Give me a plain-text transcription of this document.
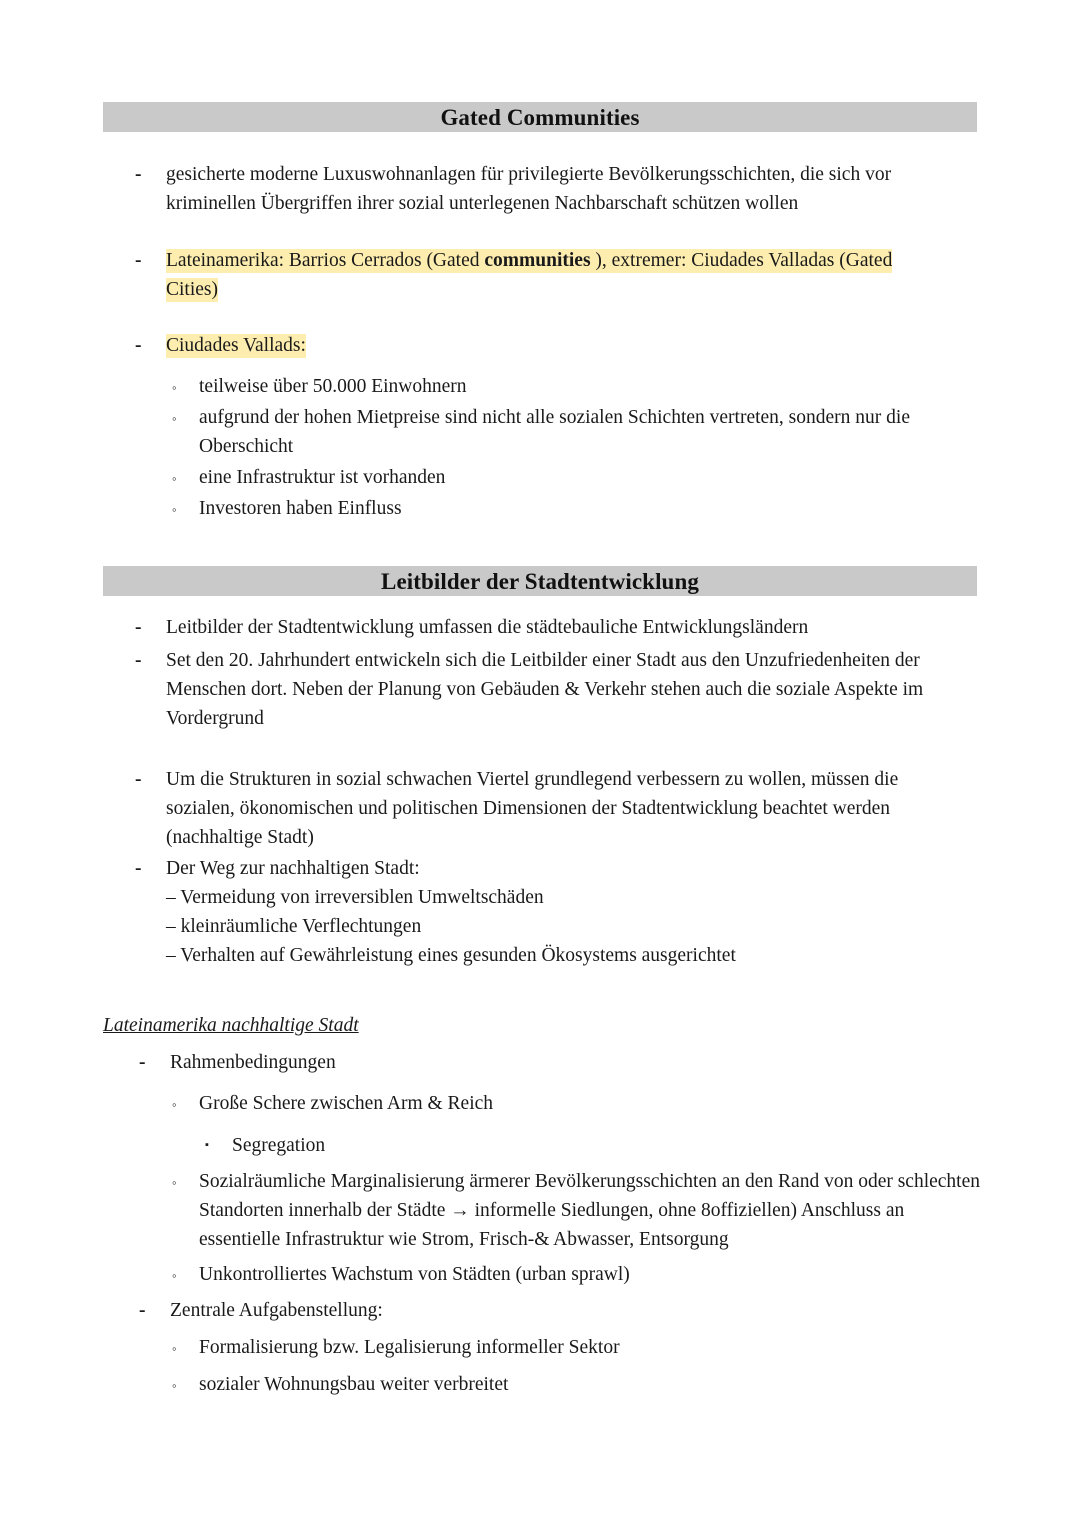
Gated Communities
- gesicherte moderne Luxuswohnanlagen für privilegierte Bevölkerungsschichten, die sich vor kriminellen Übergriffen ihrer sozial unterlegenen Nachbarschaft schützen wollen
- Lateinamerika: Barrios Cerrados (Gated communities ), extremer: Ciudades Valladas (Gated Cities)
- Ciudades Vallads:
◦ teilweise über 50.000 Einwohnern
◦ aufgrund der hohen Mietpreise sind nicht alle sozialen Schichten vertreten, sondern nur die Oberschicht
◦ eine Infrastruktur ist vorhanden
◦ Investoren haben Einfluss
Leitbilder der Stadtentwicklung
- Leitbilder der Stadtentwicklung umfassen die städtebauliche Entwicklungsländern
- Set den 20. Jahrhundert entwickeln sich die Leitbilder einer Stadt aus den Unzufriedenheiten der Menschen dort. Neben der Planung von Gebäuden & Verkehr stehen auch die soziale Aspekte im Vordergrund
- Um die Strukturen in sozial schwachen Viertel grundlegend verbessern zu wollen, müssen die sozialen, ökonomischen und politischen Dimensionen der Stadtentwicklung beachtet werden (nachhaltige Stadt)
- Der Weg zur nachhaltigen Stadt:
– Vermeidung von irreversiblen Umweltschäden
– kleinräumliche Verflechtungen
– Verhalten auf Gewährleistung eines gesunden Ökosystems ausgerichtet
Lateinamerika nachhaltige Stadt
- Rahmenbedingungen
◦ Große Schere zwischen Arm & Reich
▪ Segregation
◦ Sozialräumliche Marginalisierung ärmerer Bevölkerungsschichten an den Rand von oder schlechten Standorten innerhalb der Städte → informelle Siedlungen, ohne 8offiziellen) Anschluss an essentielle Infrastruktur wie Strom, Frisch-& Abwasser, Entsorgung
◦ Unkontrolliertes Wachstum von Städten (urban sprawl)
- Zentrale Aufgabenstellung:
◦ Formalisierung bzw. Legalisierung informeller Sektor
◦ sozialer Wohnungsbau weiter verbreitet
